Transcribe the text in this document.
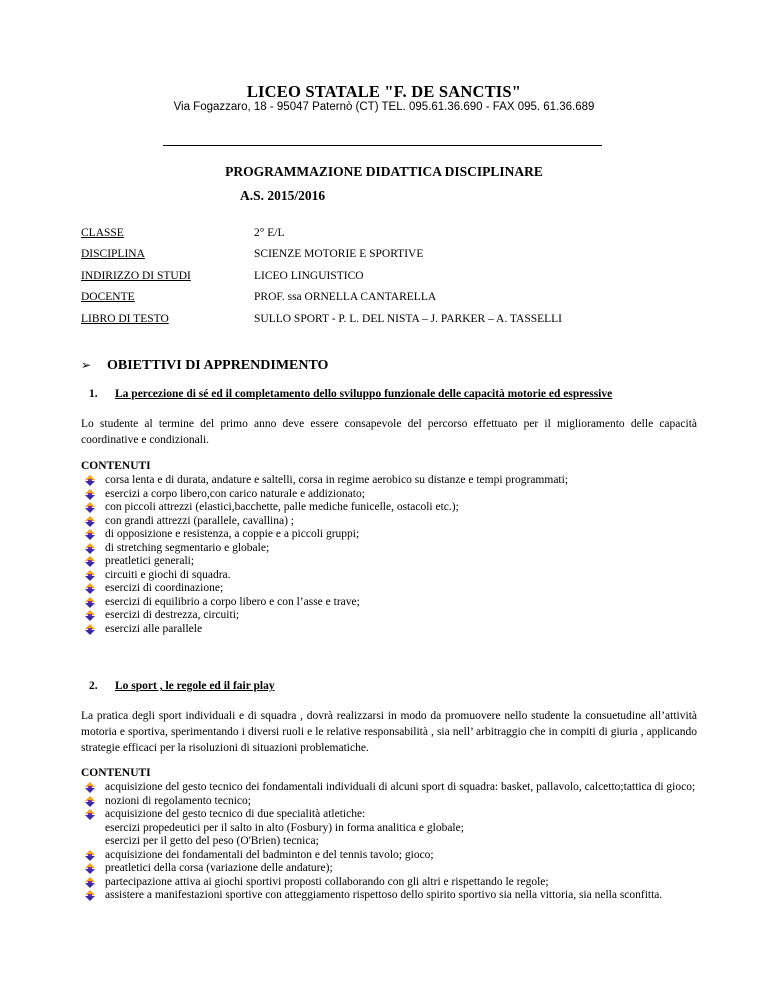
LICEO STATALE "F. DE SANCTIS"
Via Fogazzaro, 18 - 95047 Paternò (CT) TEL. 095.61.36.690 - FAX 095. 61.36.689
PROGRAMMAZIONE DIDATTICA DISCIPLINARE
A.S. 2015/2016
CLASSE	2° E/L
DISCIPLINA	SCIENZE MOTORIE E SPORTIVE
INDIRIZZO DI STUDI	LICEO LINGUISTICO
DOCENTE	PROF. ssa ORNELLA CANTARELLA
LIBRO DI TESTO	SULLO SPORT - P. L. DEL NISTA – J. PARKER – A. TASSELLI
➢ OBIETTIVI DI APPRENDIMENTO
1. La percezione di sé ed il completamento dello sviluppo funzionale delle capacità motorie ed espressive
Lo studente al termine del primo anno deve essere consapevole del percorso effettuato per il miglioramento delle capacità coordinative e condizionali.
CONTENUTI
corsa lenta e di durata, andature e saltelli, corsa in regime aerobico su distanze e tempi programmati;
esercizi a corpo libero,con carico naturale e addizionato;
con piccoli attrezzi (elastici,bacchette, palle mediche funicelle, ostacoli etc.);
con grandi attrezzi (parallele, cavallina) ;
di opposizione e resistenza, a coppie e a piccoli gruppi;
di stretching segmentario e globale;
preatletici generali;
circuiti e giochi di squadra.
esercizi di coordinazione;
esercizi di equilibrio a corpo libero e con l’asse e trave;
esercizi di destrezza, circuiti;
esercizi alle parallele
2. Lo sport , le regole ed il fair play
La pratica degli sport individuali e di squadra , dovrà realizzarsi in modo da promuovere nello studente la consuetudine all’attività motoria e sportiva, sperimentando i diversi ruoli e le relative responsabilità , sia nell’ arbitraggio che in compiti di giuria , applicando strategie efficaci per la risoluzioni di situazioni problematiche.
CONTENUTI
acquisizione del gesto tecnico dei fondamentali individuali di alcuni sport di squadra: basket, pallavolo, calcetto;tattica di gioco;
nozioni di regolamento tecnico;
acquisizione del gesto tecnico di due specialità atletiche:
esercizi propedeutici per il salto in alto (Fosbury) in forma analitica e globale;
esercizi per il getto del peso (O'Brien) tecnica;
acquisizione dei fondamentali del badminton e del tennis tavolo; gioco;
preatletici della corsa (variazione delle andature);
partecipazione attiva ai giochi sportivi proposti collaborando con gli altri e rispettando le regole;
assistere a manifestazioni sportive con atteggiamento rispettoso dello spirito sportivo sia nella vittoria, sia nella sconfitta.
